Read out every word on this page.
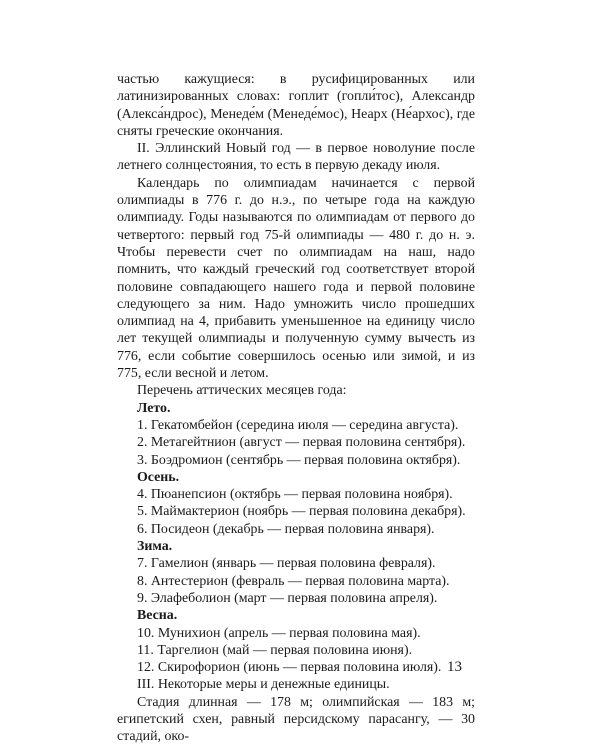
частью кажущиеся: в русифицированных или латинизированных словах: гоплит (гопли́тос), Александр (Алекса́ндрос), Менеде́м (Менеде́мос), Неарх (Не́архос), где сняты греческие окончания.

II. Эллинский Новый год — в первое новолуние после летнего солнцестояния, то есть в первую декаду июля.

Календарь по олимпиадам начинается с первой олимпиады в 776 г. до н.э., по четыре года на каждую олимпиаду. Годы называются по олимпиадам от первого до четвертого: первый год 75-й олимпиады — 480 г. до н. э. Чтобы перевести счет по олимпиадам на наш, надо помнить, что каждый греческий год соответствует второй половине совпадающего нашего года и первой половине следующего за ним. Надо умножить число прошедших олимпиад на 4, прибавить уменьшенное на единицу число лет текущей олимпиады и полученную сумму вычесть из 776, если событие совершилось осенью или зимой, и из 775, если весной и летом.

Перечень аттических месяцев года:

Лето.

1. Гекатомбейон (середина июля — середина августа).

2. Метагейтнион (август — первая половина сентября).

3. Боэдромион (сентябрь — первая половина октября).

Осень.

4. Пюанепсион (октябрь — первая половина ноября).

5. Маймактерион (ноябрь — первая половина декабря).

6. Посидеон (декабрь — первая половина января).

Зима.

7. Гамелион (январь — первая половина февраля).

8. Антестерион (февраль — первая половина марта).

9. Элафеболион (март — первая половина апреля).

Весна.

10. Мунихион (апрель — первая половина мая).

11. Таргелион (май — первая половина июня).

12. Скирофорион (июнь — первая половина июля).

III. Некоторые меры и денежные единицы.

Стадия длинная — 178 м; олимпийская — 183 м; египетский схен, равный персидскому парасангу, — 30 стадий, око-

13
